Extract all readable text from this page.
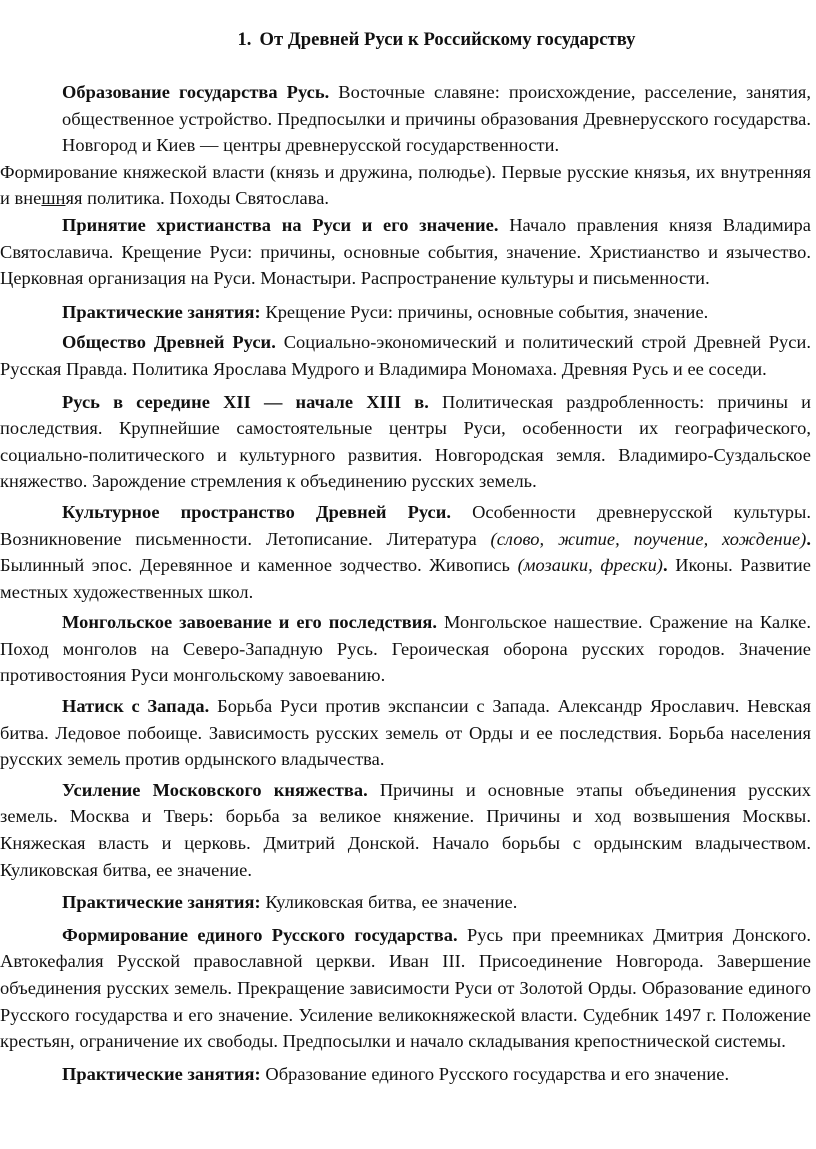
1. От Древней Руси к Российскому государству

Образование государства Русь. Восточные славяне: происхождение, расселение, занятия, общественное устройство. Предпосылки и причины образования Древнерусского государства. Новгород и Киев — центры древнерусской государственности.

Формирование княжеской власти (князь и дружина, полюдье). Первые русские князья, их внутренняя и внешняя политика. Походы Святослава.

Принятие христианства на Руси и его значение. Начало правления князя Владимира Святославича. Крещение Руси: причины, основные события, значение. Христианство и язычество. Церковная организация на Руси. Монастыри. Распространение культуры и письменности.

Практические занятия: Крещение Руси: причины, основные события, значение.

Общество Древней Руси. Социально-экономический и политический строй Древней Руси. Русская Правда. Политика Ярослава Мудрого и Владимира Мономаха. Древняя Русь и ее соседи.

Русь в середине XII — начале XIII в. Политическая раздробленность: причины и последствия. Крупнейшие самостоятельные центры Руси, особенности их географического, социально-политического и культурного развития. Новгородская земля. Владимиро-Суздальское княжество. Зарождение стремления к объединению русских земель.

Культурное пространство Древней Руси. Особенности древнерусской культуры. Возникновение письменности. Летописание. Литература (слово, житие, поучение, хождение). Былинный эпос. Деревянное и каменное зодчество. Живопись (мозаики, фрески). Иконы. Развитие местных художественных школ.

Монгольское завоевание и его последствия. Монгольское нашествие. Сражение на Калке. Поход монголов на Северо-Западную Русь. Героическая оборона русских городов. Значение противостояния Руси монгольскому завоеванию.

Натиск с Запада. Борьба Руси против экспансии с Запада. Александр Ярославич. Невская битва. Ледовое побоище. Зависимость русских земель от Орды и ее последствия. Борьба населения русских земель против ордынского владычества.

Усиление Московского княжества. Причины и основные этапы объединения русских земель. Москва и Тверь: борьба за великое княжение. Причины и ход возвышения Москвы. Княжеская власть и церковь. Дмитрий Донской. Начало борьбы с ордынским владычеством. Куликовская битва, ее значение.

Практические занятия: Куликовская битва, ее значение.

Формирование единого Русского государства. Русь при преемниках Дмитрия Донского. Автокефалия Русской православной церкви. Иван III. Присоединение Новгорода. Завершение объединения русских земель. Прекращение зависимости Руси от Золотой Орды. Образование единого Русского государства и его значение. Усиление великокняжеской власти. Судебник 1497 г. Положение крестьян, ограничение их свободы. Предпосылки и начало складывания крепостнической системы.

Практические занятия: Образование единого Русского государства и его значение.
